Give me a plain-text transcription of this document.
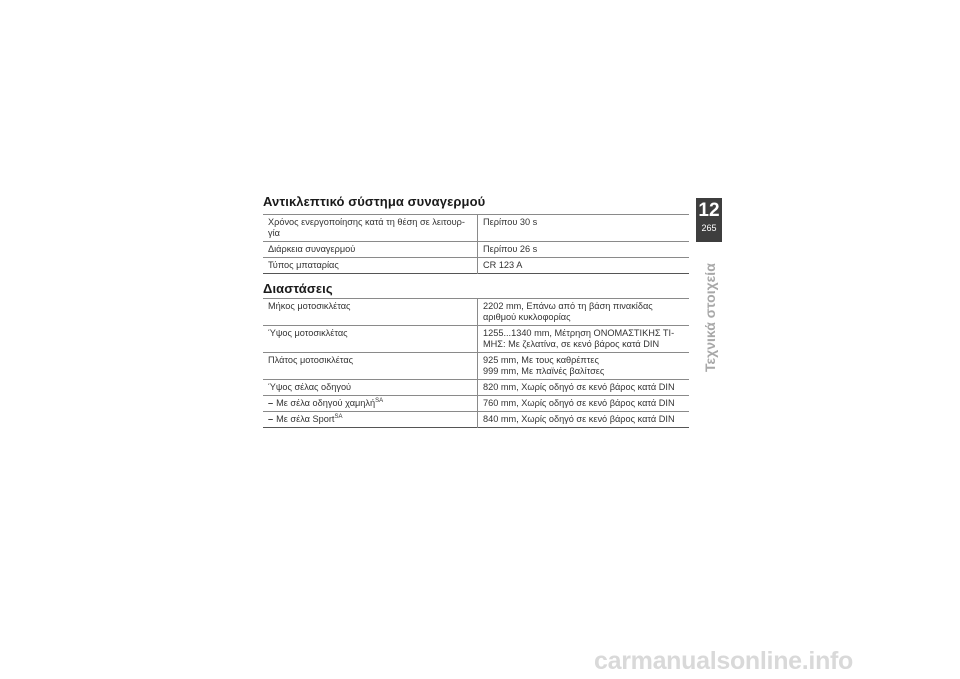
Αντικλεπτικό σύστημα συναγερμού
Χρόνος ενεργοποίησης κατά τη θέση σε λειτουρ-γία	Περίπου 30 s
Διάρκεια συναγερμού	Περίπου 26 s
Τύπος μπαταρίας	CR 123 A
Διαστάσεις
Μήκος μοτοσικλέτας	2202 mm, Επάνω από τη βάση πινακίδας αριθμού κυκλοφορίας
Ύψος μοτοσικλέτας	1255...1340 mm, Μέτρηση ΟΝΟΜΑΣΤΙΚΗΣ ΤΙ-ΜΗΣ: Με ζελατίνα, σε κενό βάρος κατά DIN
Πλάτος μοτοσικλέτας	925 mm, Με τους καθρέπτες
999 mm, Με πλαϊνές βαλίτσες

Ύψος σέλας οδηγού	820 mm, Χωρίς οδηγό σε κενό βάρος κατά DIN
– Με σέλα οδηγού χαμηλή$^{SA}$	760 mm, Χωρίς οδηγό σε κενό βάρος κατά DIN
– Με σέλα Sport$^{SA}$	840 mm, Χωρίς οδηγό σε κενό βάρος κατά DIN
12
265
Τεχνικά στοιχεία
carmanualsonline.info
